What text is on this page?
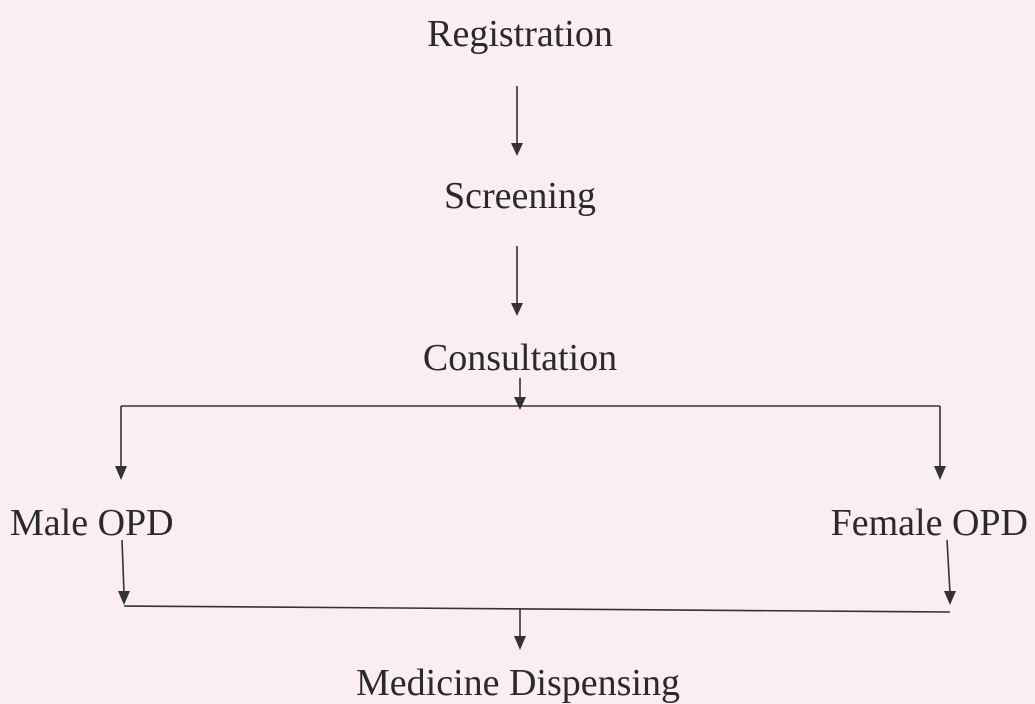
Registration
Screening
Consultation
Male OPD	Female OPD
Medicine Dispensing
